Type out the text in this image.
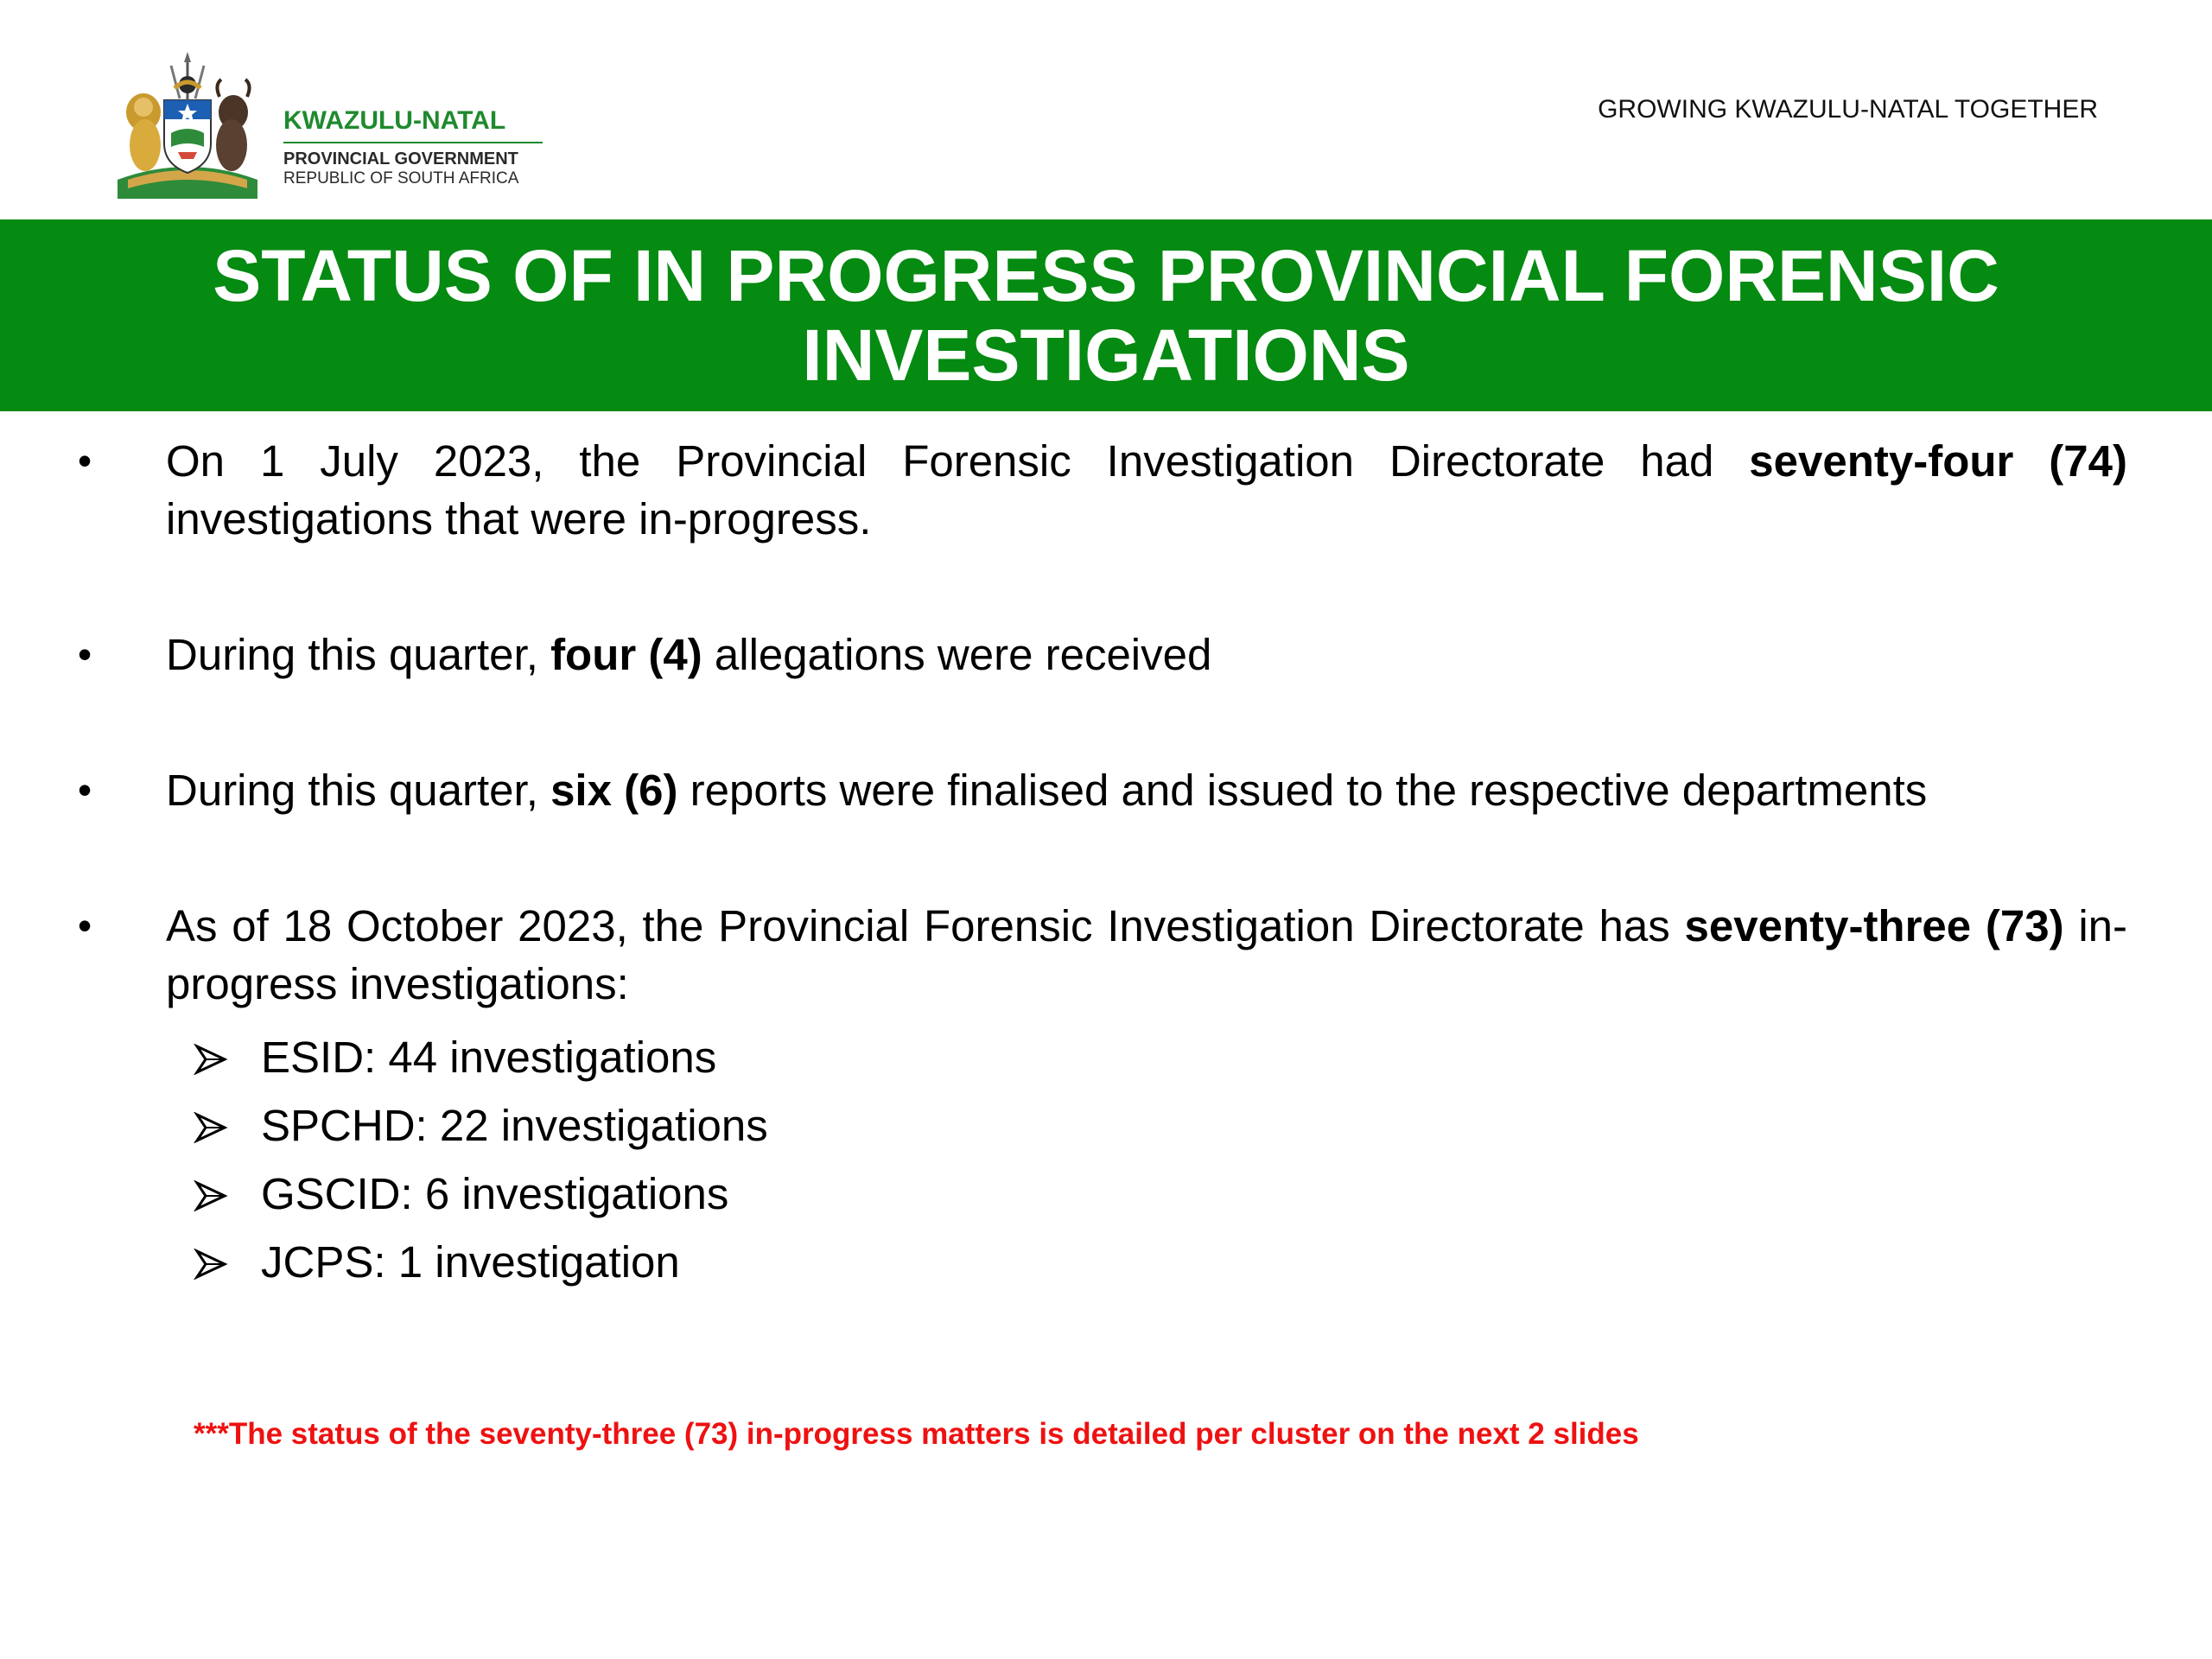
KWAZULU-NATAL
PROVINCIAL GOVERNMENT
REPUBLIC OF SOUTH AFRICA
GROWING KWAZULU-NATAL TOGETHER
STATUS OF IN PROGRESS PROVINCIAL FORENSIC INVESTIGATIONS

• On 1 July 2023, the Provincial Forensic Investigation Directorate had seventy-four (74) investigations that were in-progress.

• During this quarter, four (4) allegations were received

• During this quarter, six (6) reports were finalised and issued to the respective departments

• As of 18 October 2023, the Provincial Forensic Investigation Directorate has seventy-three (73) in-progress investigations:

ESID: 44 investigations
SPCHD: 22 investigations
GSCID: 6 investigations
JCPS: 1 investigation
***The status of the seventy-three (73) in-progress matters is detailed per cluster on the next 2 slides
